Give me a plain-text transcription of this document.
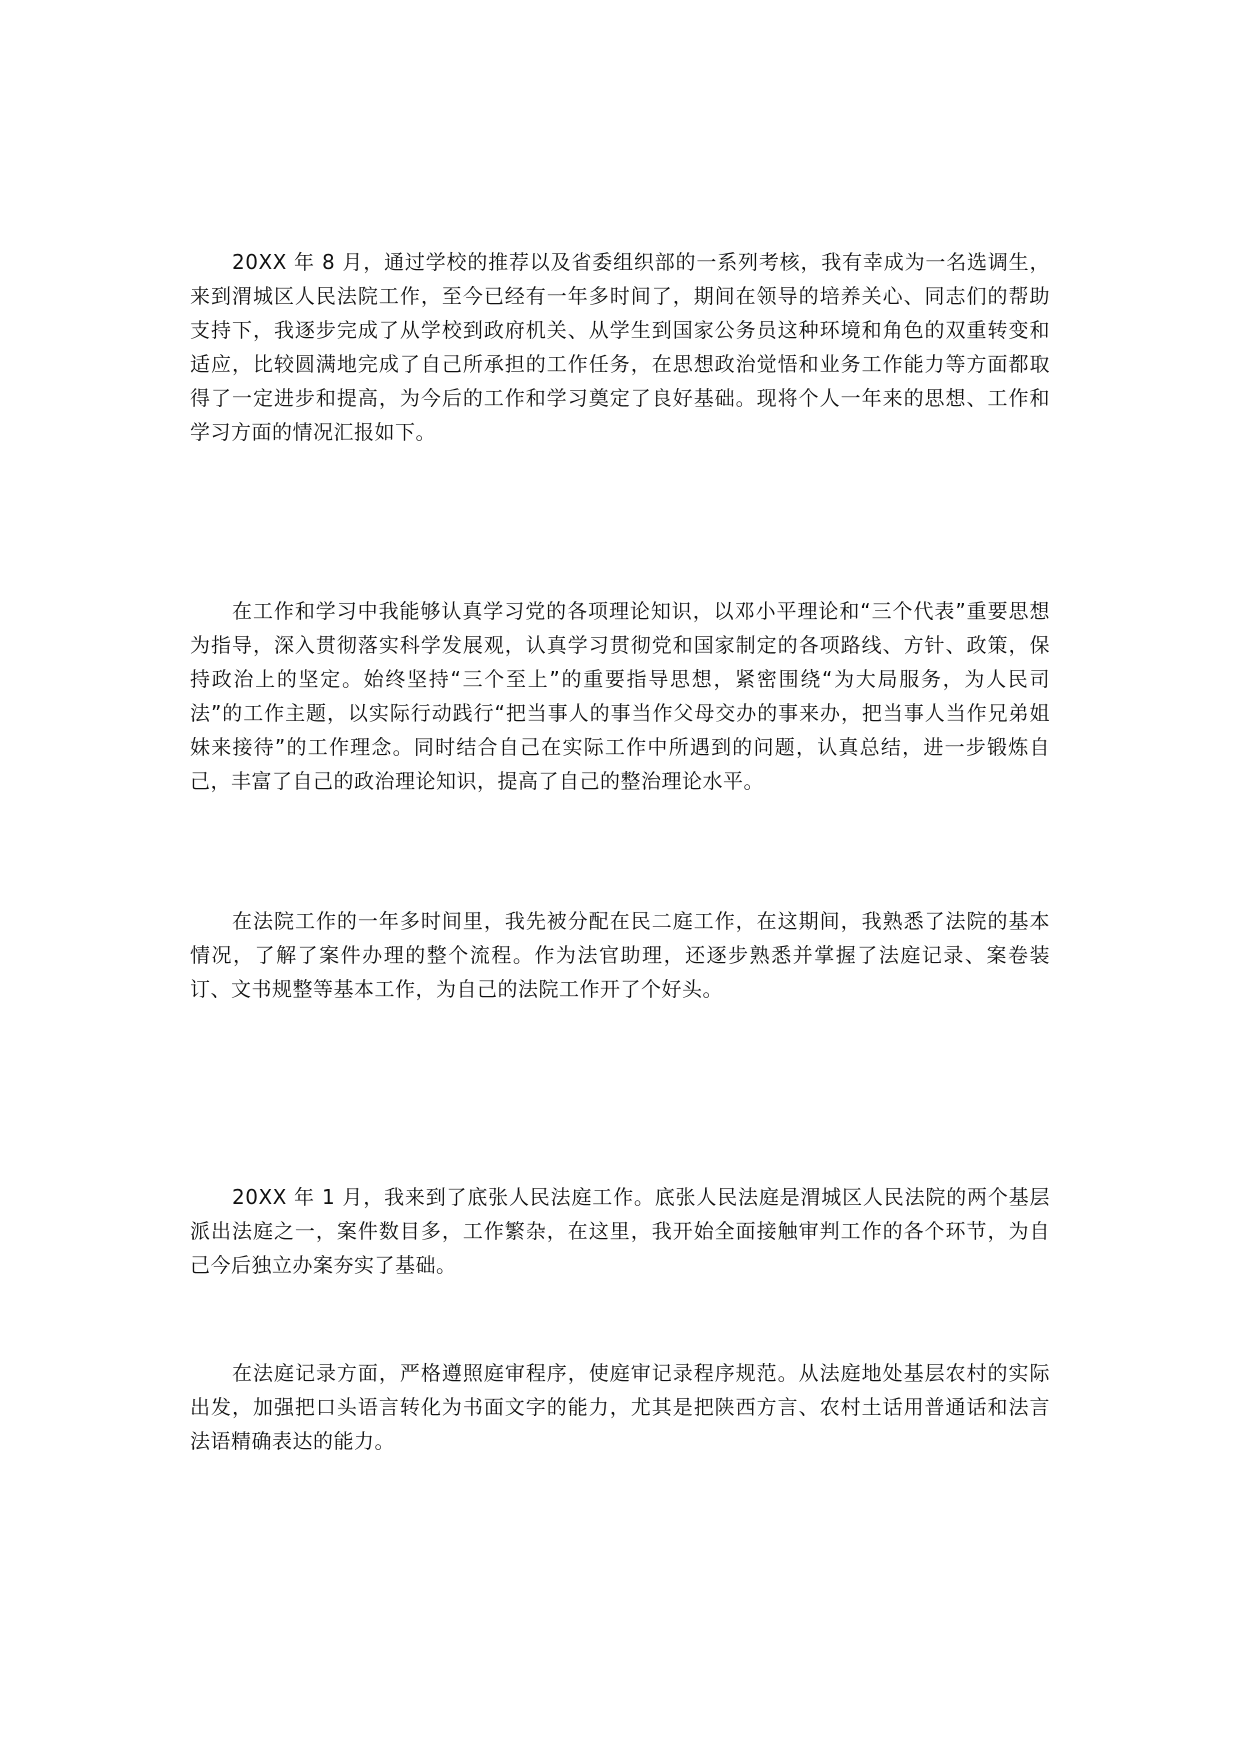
20XX 年 8 月，通过学校的推荐以及省委组织部的一系列考核，我有幸成为一名选调生，来到渭城区人民法院工作，至今已经有一年多时间了，期间在领导的培养关心、同志们的帮助支持下，我逐步完成了从学校到政府机关、从学生到国家公务员这种环境和角色的双重转变和适应，比较圆满地完成了自己所承担的工作任务，在思想政治觉悟和业务工作能力等方面都取得了一定进步和提高，为今后的工作和学习奠定了良好基础。现将个人一年来的思想、工作和学习方面的情况汇报如下。

在工作和学习中我能够认真学习党的各项理论知识，以邓小平理论和“三个代表”重要思想为指导，深入贯彻落实科学发展观，认真学习贯彻党和国家制定的各项路线、方针、政策，保持政治上的坚定。始终坚持“三个至上”的重要指导思想，紧密围绕“为大局服务，为人民司法”的工作主题，以实际行动践行“把当事人的事当作父母交办的事来办，把当事人当作兄弟姐妹来接待”的工作理念。同时结合自己在实际工作中所遇到的问题，认真总结，进一步锻炼自己，丰富了自己的政治理论知识，提高了自己的整治理论水平。

在法院工作的一年多时间里，我先被分配在民二庭工作，在这期间，我熟悉了法院的基本情况，了解了案件办理的整个流程。作为法官助理，还逐步熟悉并掌握了法庭记录、案卷装订、文书规整等基本工作，为自己的法院工作开了个好头。

20XX 年 1 月，我来到了底张人民法庭工作。底张人民法庭是渭城区人民法院的两个基层派出法庭之一，案件数目多，工作繁杂，在这里，我开始全面接触审判工作的各个环节，为自己今后独立办案夯实了基础。

在法庭记录方面，严格遵照庭审程序，使庭审记录程序规范。从法庭地处基层农村的实际出发，加强把口头语言转化为书面文字的能力，尤其是把陕西方言、农村土话用普通话和法言法语精确表达的能力。
